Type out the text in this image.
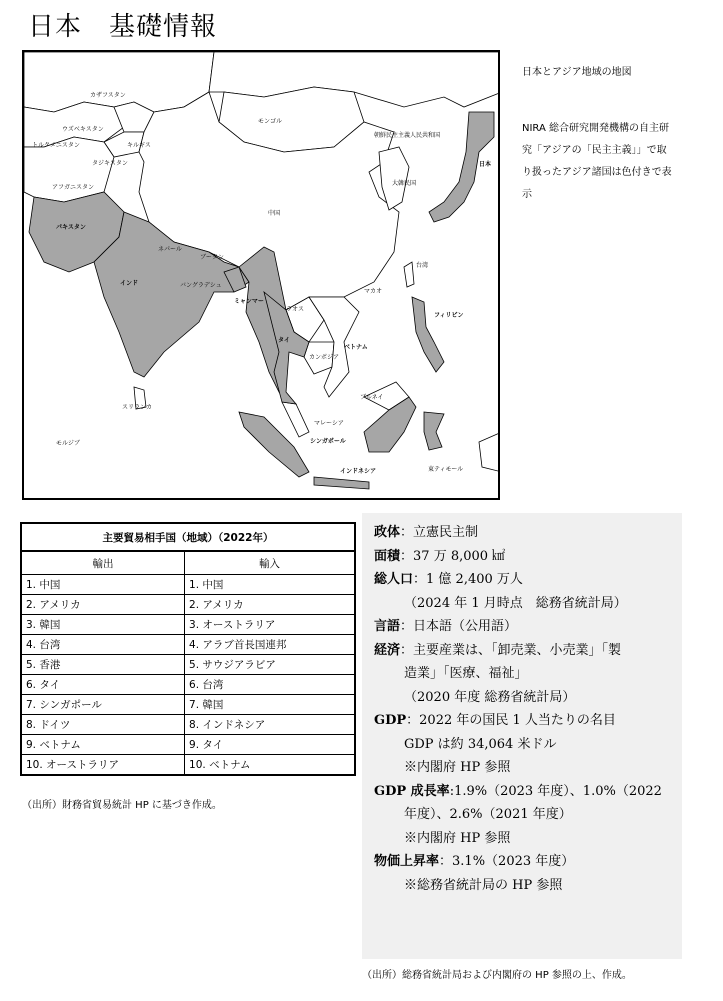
日本　基礎情報
カザフスタン
ウズベキスタン
トルクメニスタン	キルギス
タジキスタン
アフガニスタン
パキスタン
モンゴル
中国
ネパール
ブータン
インド	バングラデシュ
ミャンマー
ラオス
タイ
カンボジア
ベトナム
朝鮮民主主義人民共和国
大韓民国
日本
台湾
マカオ
フィリピン
スリランカ
モルジブ
ブルネイ
マレーシア
シンガポール
インドネシア	東ティモール
日本とアジア地域の地図
NIRA 総合研究開発機構の自主研究「アジアの「民主主義」」で取り扱ったアジア諸国は色付きで表示
主要貿易相手国（地域）（2022年）	
輸出	輸入
1. 中国	1. 中国
2. アメリカ	2. アメリカ
3. 韓国	3. オーストラリア
4. 台湾	4. アラブ首長国連邦
5. 香港	5. サウジアラビア
6. タイ	6. 台湾
7. シンガポール	7. 韓国
8. ドイツ	8. インドネシア
9. ベトナム	9. タイ
10. オーストラリア	10. ベトナム
（出所）財務省貿易統計 HP に基づき作成。

政体：立憲民主制

面積：37 万 8,000 ㎢

総人口：1 億 2,400 万人

（2024 年 1 月時点　総務省統計局）

言語：日本語（公用語）

経済：主要産業は、「卸売業、小売業」「製

造業」「医療、福祉」

（2020 年度 総務省統計局）

GDP：2022 年の国民 1 人当たりの名目

GDP は約 34,064 米ドル

※内閣府 HP 参照

GDP 成長率:1.9%（2023 年度）、1.0%（2022

年度）、2.6%（2021 年度）

※内閣府 HP 参照

物価上昇率：3.1%（2023 年度）

※総務省統計局の HP 参照

（出所）総務省統計局および内閣府の HP 参照の上、作成。
